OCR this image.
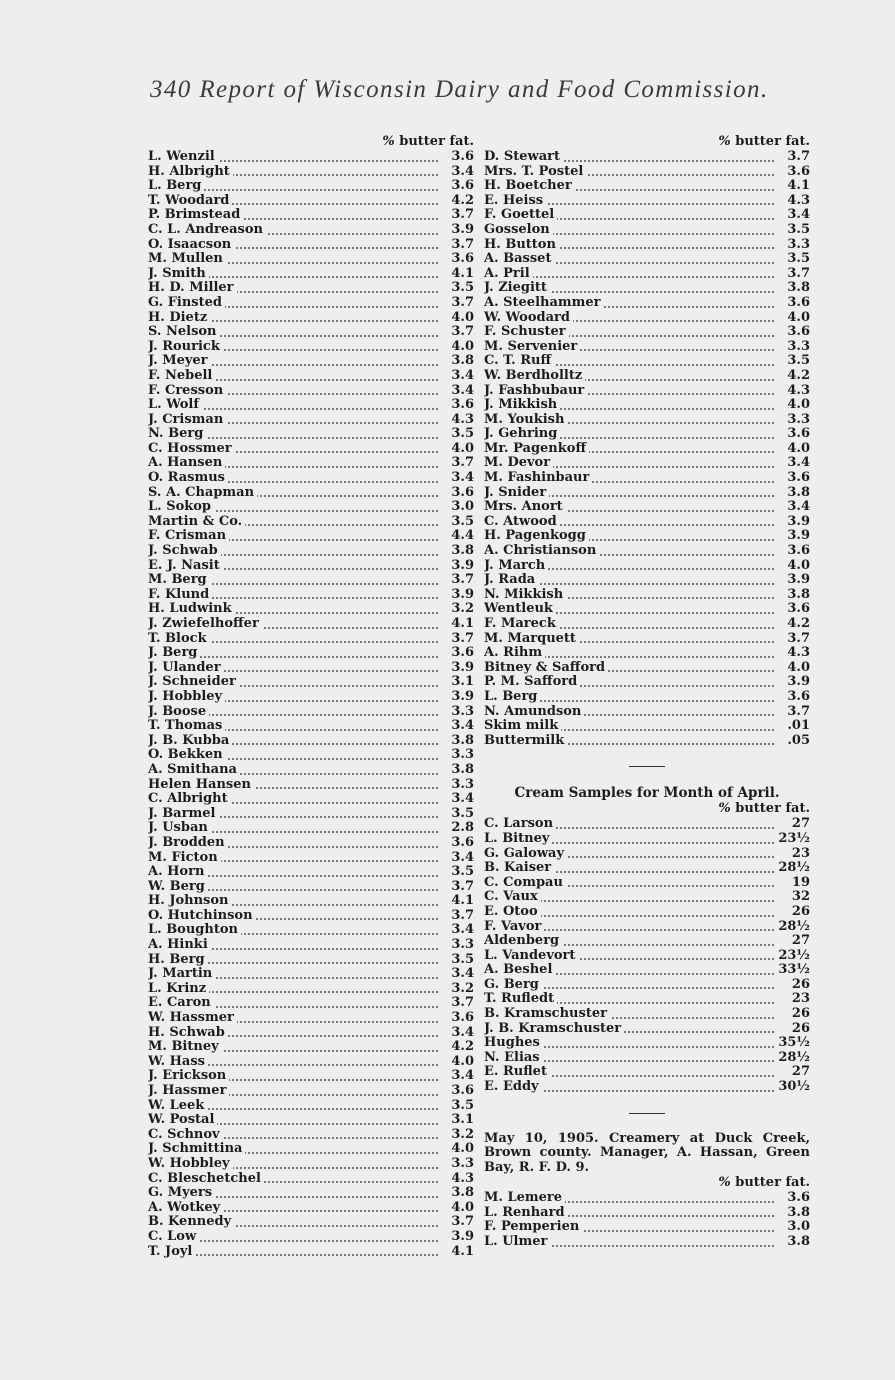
340 Report of Wisconsin Dairy and Food Commission.
% butter fat.
L. Wenzil	3.6
H. Albright	3.4
L. Berg	3.6
T. Woodard	4.2
P. Brimstead	3.7
C. L. Andreason	3.9
O. Isaacson	3.7
M. Mullen	3.6
J. Smith	4.1
H. D. Miller	3.5
G. Finsted	3.7
H. Dietz	4.0
S. Nelson	3.7
J. Rourick	4.0
J. Meyer	3.8
F. Nebell	3.4
F. Cresson	3.4
L. Wolf	3.6
J. Crisman	4.3
N. Berg	3.5
C. Hossmer	4.0
A. Hansen	3.7
O. Rasmus	3.4
S. A. Chapman	3.6
L. Sokop	3.0
Martin & Co.	3.5
F. Crisman	4.4
J. Schwab	3.8
E. J. Nasit	3.9
M. Berg	3.7
F. Klund	3.9
H. Ludwink	3.2
J. Zwiefelhoffer	4.1
T. Block	3.7
J. Berg	3.6
J. Ulander	3.9
J. Schneider	3.1
J. Hobbley	3.9
J. Boose	3.3
T. Thomas	3.4
J. B. Kubba	3.8
O. Bekken	3.3
A. Smithana	3.8
Helen Hansen	3.3
C. Albright	3.4
J. Barmel	3.5
J. Usban	2.8
J. Brodden	3.6
M. Ficton	3.4
A. Horn	3.5
W. Berg	3.7
H. Johnson	4.1
O. Hutchinson	3.7
L. Boughton	3.4
A. Hinki	3.3
H. Berg	3.5
J. Martin	3.4
L. Krinz	3.2
E. Caron	3.7
W. Hassmer	3.6
H. Schwab	3.4
M. Bitney	4.2
W. Hass	4.0
J. Erickson	3.4
J. Hassmer	3.6
W. Leek	3.5
W. Postal	3.1
C. Schnov	3.2
J. Schmittina	4.0
W. Hobbley	3.3
C. Bleschetchel	4.3
G. Myers	3.8
A. Wotkey	4.0
B. Kennedy	3.7
C. Low	3.9
T. Joyl	4.1
% butter fat.
D. Stewart	3.7
Mrs. T. Postel	3.6
H. Boetcher	4.1
E. Heiss	4.3
F. Goettel	3.4
Gosselon	3.5
H. Button	3.3
A. Basset	3.5
A. Pril	3.7
J. Ziegitt	3.8
A. Steelhammer	3.6
W. Woodard	4.0
F. Schuster	3.6
M. Servenier	3.3
C. T. Ruff	3.5
W. Berdholltz	4.2
J. Fashbubaur	4.3
J. Mikkish	4.0
M. Youkish	3.3
J. Gehring	3.6
Mr. Pagenkoff	4.0
M. Devor	3.4
M. Fashinbaur	3.6
J. Snider	3.8
Mrs. Anort	3.4
C. Atwood	3.9
H. Pagenkogg	3.9
A. Christianson	3.6
J. March	4.0
J. Rada	3.9
N. Mikkish	3.8
Wentleuk	3.6
F. Mareck	4.2
M. Marquett	3.7
A. Rihm	4.3
Bitney & Safford	4.0
P. M. Safford	3.9
L. Berg	3.6
N. Amundson	3.7
Skim milk	.01
Buttermilk	.05
Cream Samples for Month of April.
% butter fat.
C. Larson	27
L. Bitney	23½
G. Galoway	23
B. Kaiser	28½
C. Compau	19
C. Vaux	32
E. Otoo	26
F. Vavor	28½
Aldenberg	27
L. Vandevort	23½
A. Beshel	33½
G. Berg	26
T. Rufledt	23
B. Kramschuster	26
J. B. Kramschuster	26
Hughes	35½
N. Elias	28½
E. Ruflet	27
E. Eddy	30½
May 10, 1905. Creamery at Duck Creek, Brown county. Manager, A. Hassan, Green Bay, R. F. D. 9.
% butter fat.
M. Lemere	3.6
L. Renhard	3.8
F. Pemperien	3.0
L. Ulmer	3.8
